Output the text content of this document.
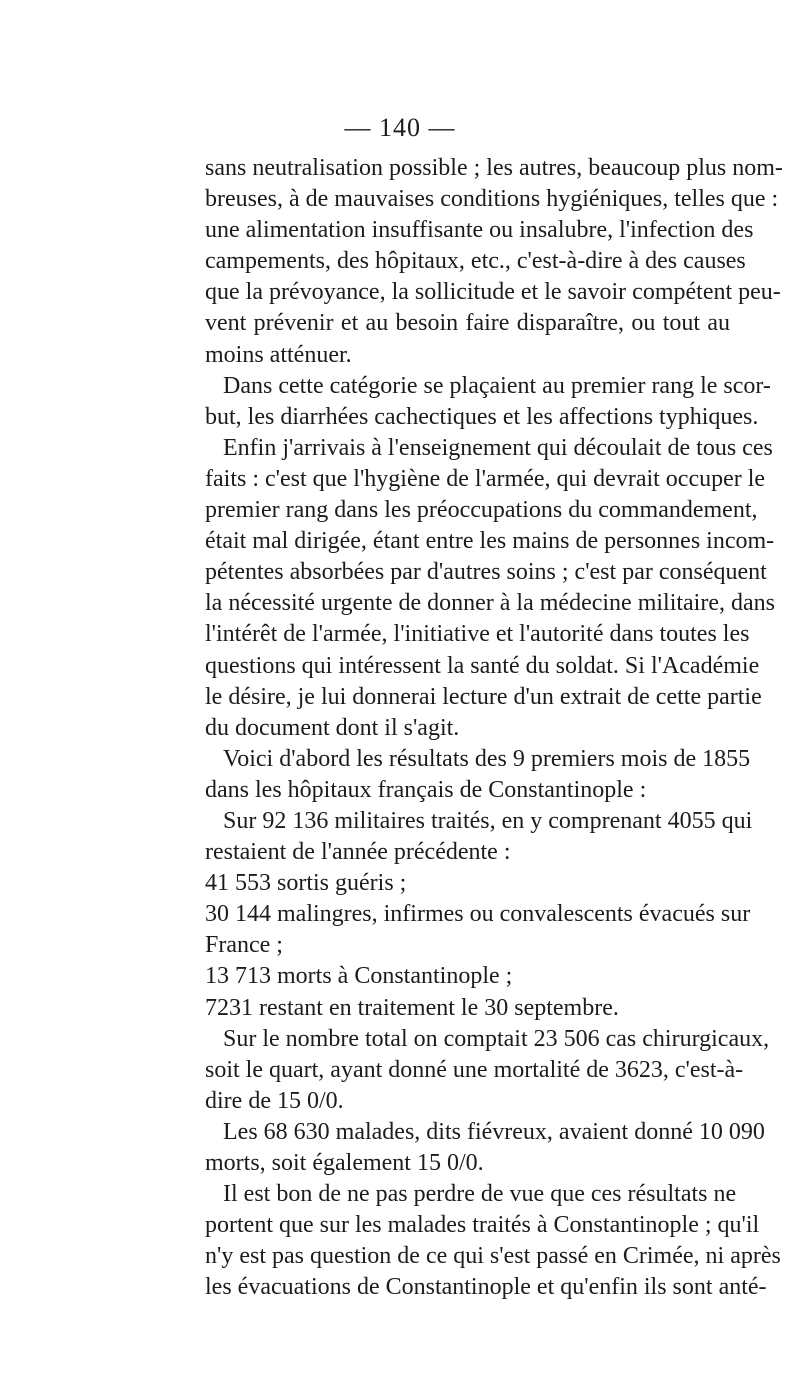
— 140 —
sans neutralisation possible ; les autres, beaucoup plus nom-
breuses, à de mauvaises conditions hygiéniques, telles que :
une alimentation insuffisante ou insalubre, l'infection des
campements, des hôpitaux, etc., c'est-à-dire à des causes
que la prévoyance, la sollicitude et le savoir compétent peu-
vent prévenir et au besoin faire disparaître, ou tout au
moins atténuer.
Dans cette catégorie se plaçaient au premier rang le scor-
but, les diarrhées cachectiques et les affections typhiques.
Enfin j'arrivais à l'enseignement qui découlait de tous ces
faits : c'est que l'hygiène de l'armée, qui devrait occuper le
premier rang dans les préoccupations du commandement,
était mal dirigée, étant entre les mains de personnes incom-
pétentes absorbées par d'autres soins ; c'est par conséquent
la nécessité urgente de donner à la médecine militaire, dans
l'intérêt de l'armée, l'initiative et l'autorité dans toutes les
questions qui intéressent la santé du soldat. Si l'Académie
le désire, je lui donnerai lecture d'un extrait de cette partie
du document dont il s'agit.
Voici d'abord les résultats des 9 premiers mois de 1855
dans les hôpitaux français de Constantinople :
Sur 92 136 militaires traités, en y comprenant 4055 qui
restaient de l'année précédente :
41 553 sortis guéris ;
30 144 malingres, infirmes ou convalescents évacués sur
France ;
13 713 morts à Constantinople ;
7231 restant en traitement le 30 septembre.
Sur le nombre total on comptait 23 506 cas chirurgicaux,
soit le quart, ayant donné une mortalité de 3623, c'est-à-
dire de 15 0/0.
Les 68 630 malades, dits fiévreux, avaient donné 10 090
morts, soit également 15 0/0.
Il est bon de ne pas perdre de vue que ces résultats ne
portent que sur les malades traités à Constantinople ; qu'il
n'y est pas question de ce qui s'est passé en Crimée, ni après
les évacuations de Constantinople et qu'enfin ils sont anté-
